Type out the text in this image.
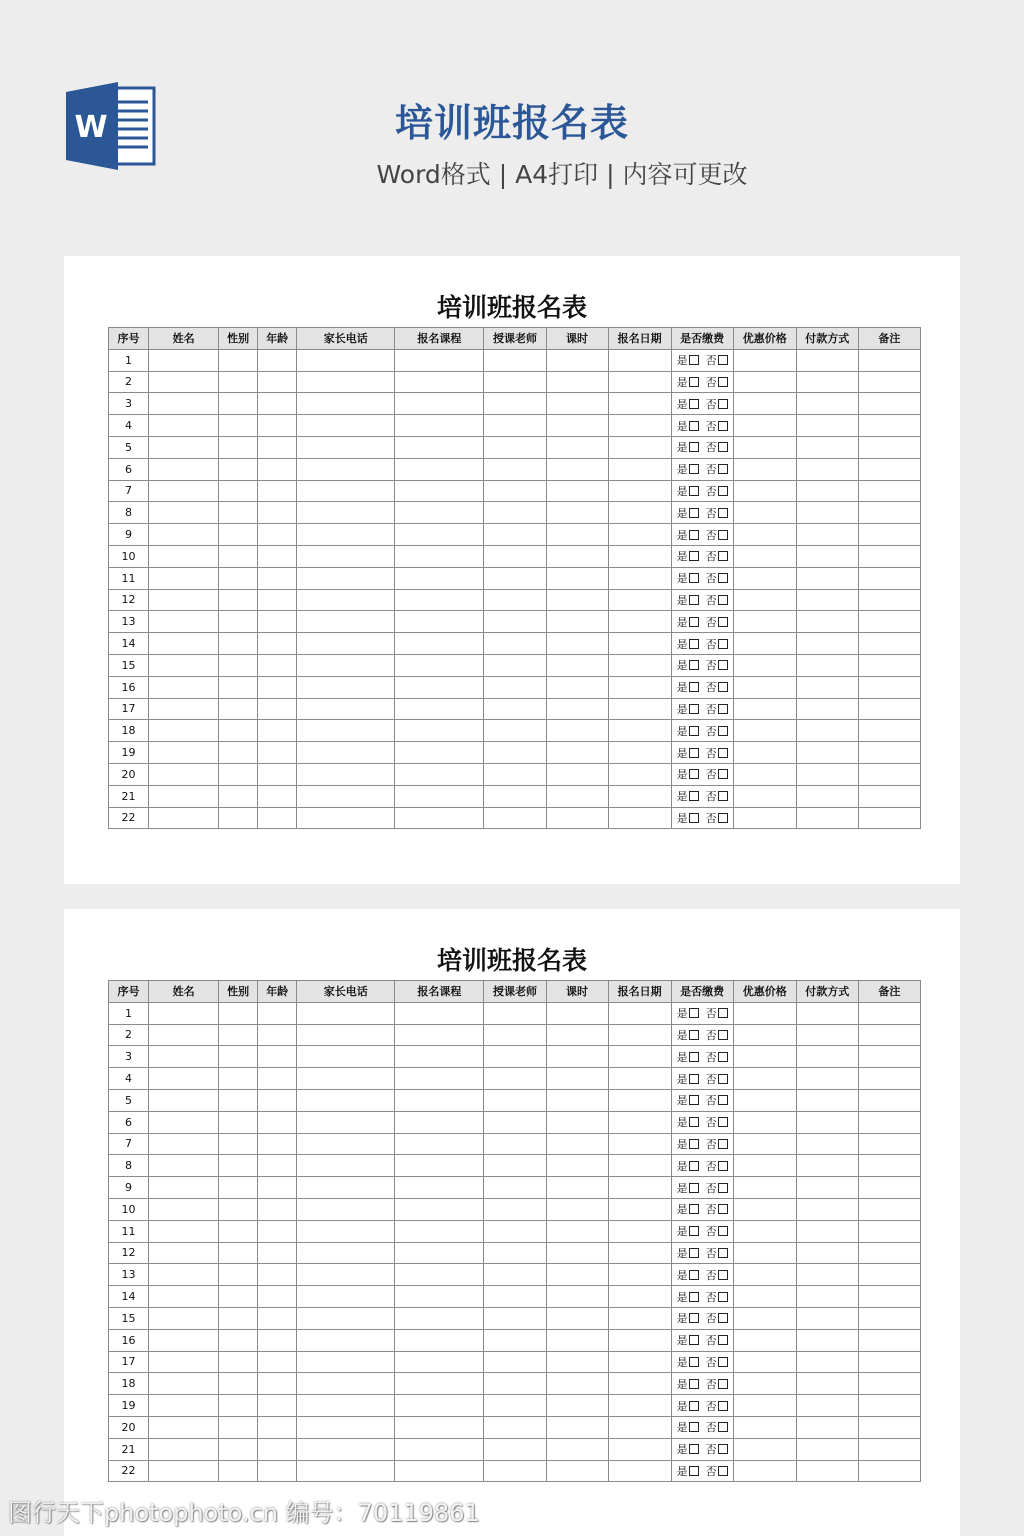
W	培训班报名表
Word格式 | A4打印 | 内容可更改
培训班报名表
序号	姓名	性别	年龄	家长电话	报名课程	授课老师	课时	报名日期	是否缴费	优惠价格	付款方式	备注
1									是 否			
2									是 否			
3									是 否			
4									是 否			
5									是 否			
6									是 否			
7									是 否			
8									是 否			
9									是 否			
10									是 否			
11									是 否			
12									是 否			
13									是 否			
14									是 否			
15									是 否			
16									是 否			
17									是 否			
18									是 否			
19									是 否			
20									是 否			
21									是 否			
22									是 否			
培训班报名表
序号	姓名	性别	年龄	家长电话	报名课程	授课老师	课时	报名日期	是否缴费	优惠价格	付款方式	备注
1									是 否			
2									是 否			
3									是 否			
4									是 否			
5									是 否			
6									是 否			
7									是 否			
8									是 否			
9									是 否			
10									是 否			
11									是 否			
12									是 否			
13									是 否			
14									是 否			
15									是 否			
16									是 否			
17									是 否			
18									是 否			
19									是 否			
20									是 否			
21									是 否			
22									是 否			
图行天下photophoto.cn 编号：70119861
